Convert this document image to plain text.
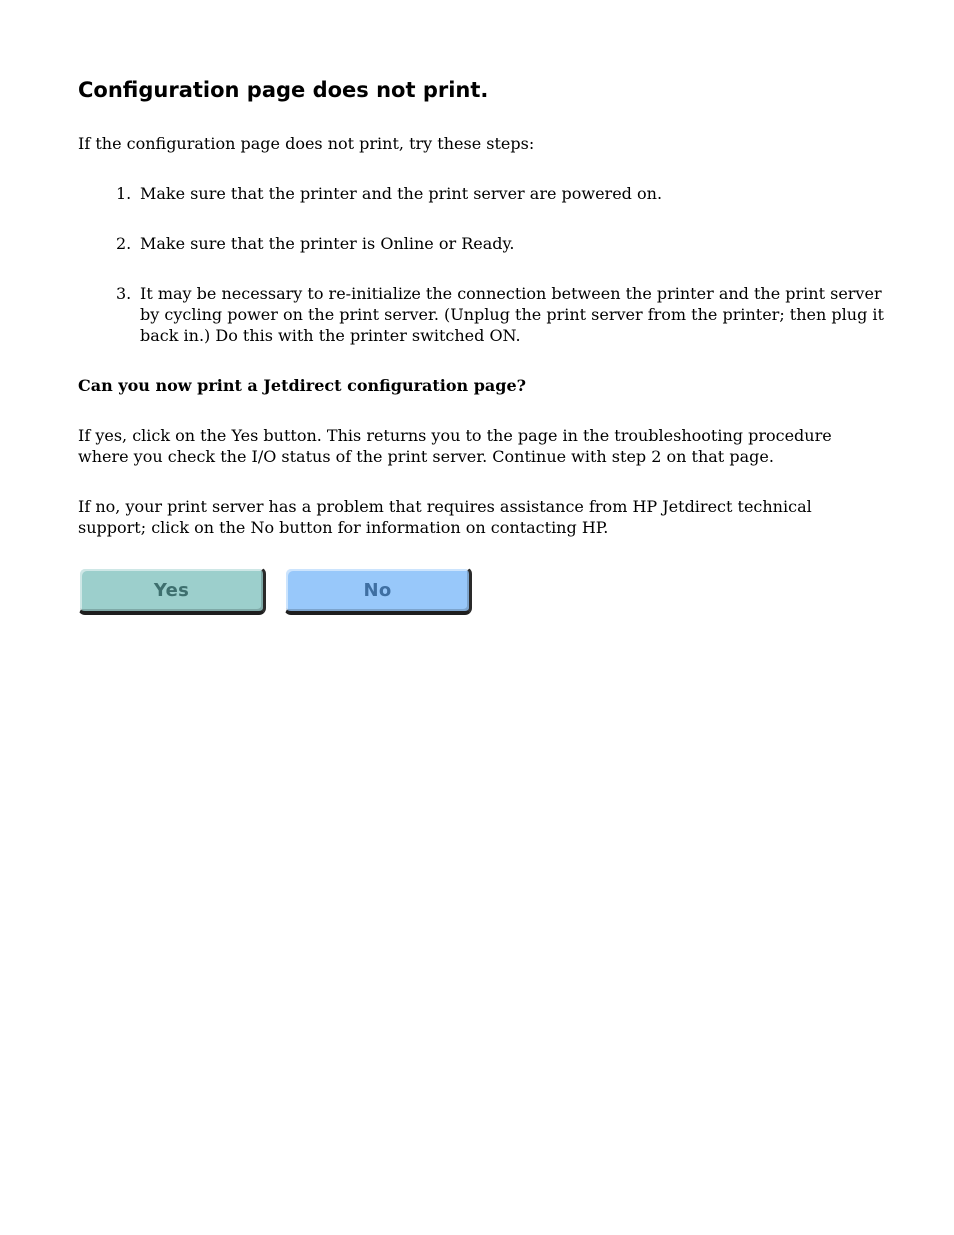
Configuration page does not print.

If the configuration page does not print, try these steps:

1. Make sure that the printer and the print server are powered on.
2. Make sure that the printer is Online or Ready.
3. It may be necessary to re-initialize the connection between the printer and the print server by cycling power on the print server. (Unplug the print server from the printer; then plug it back in.) Do this with the printer switched ON.

Can you now print a Jetdirect configuration page?

If yes, click on the Yes button. This returns you to the page in the troubleshooting procedure where you check the I/O status of the print server. Continue with step 2 on that page.

If no, your print server has a problem that requires assistance from HP Jetdirect technical support; click on the No button for information on contacting HP.

Yes	No
